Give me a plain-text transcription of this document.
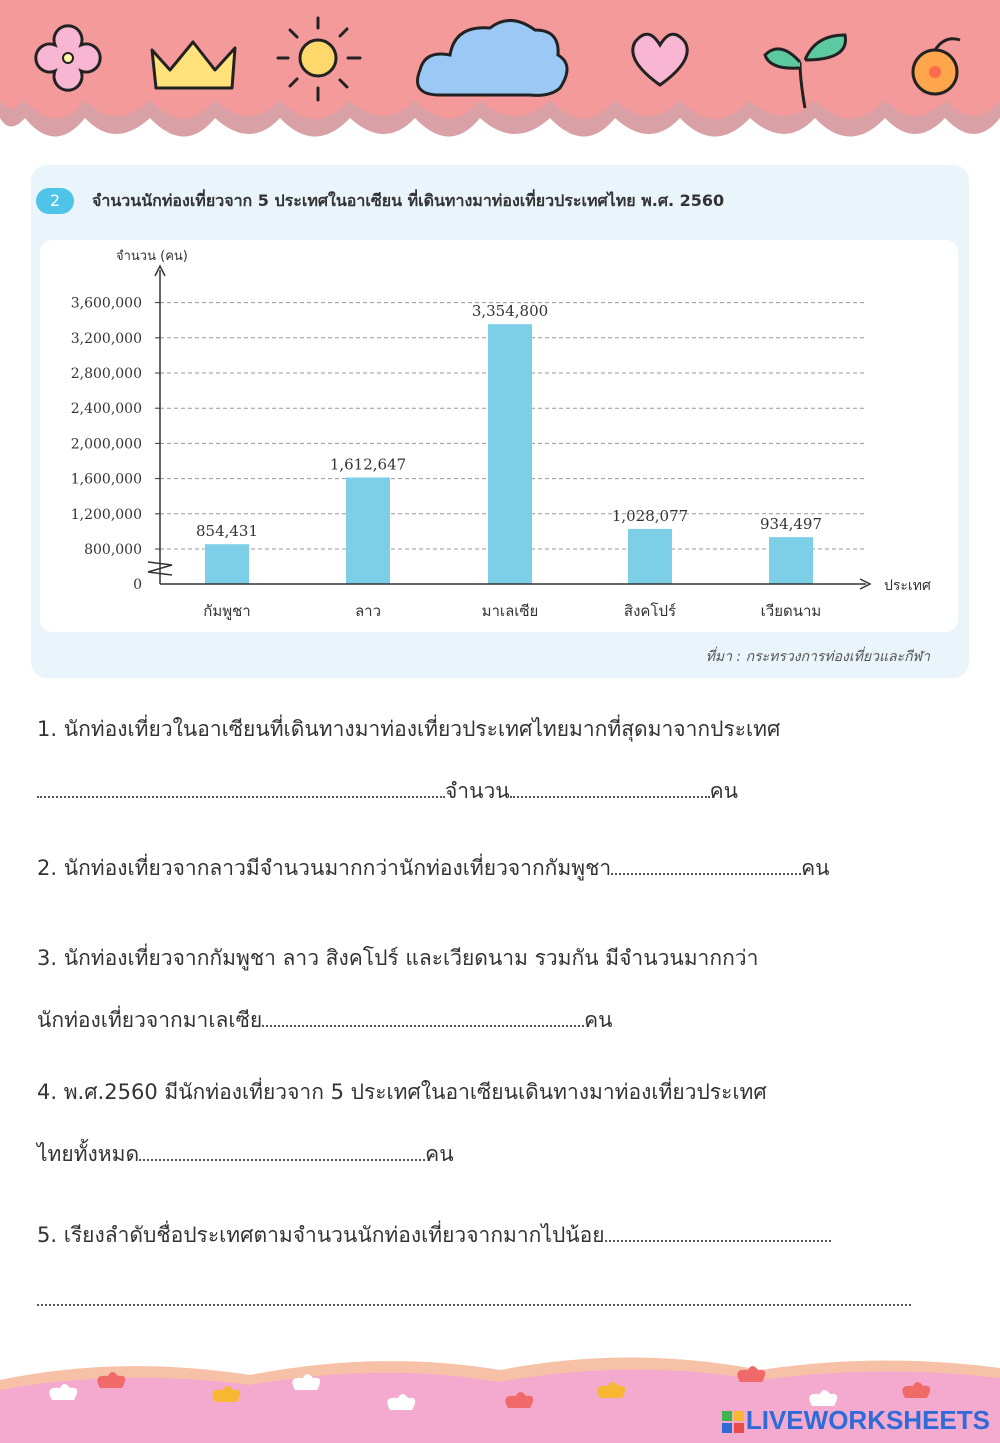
2	จำนวนนักท่องเที่ยวจาก 5 ประเทศในอาเซียน ที่เดินทางมาท่องเที่ยวประเทศไทย พ.ศ. 2560
0
800,000
1,200,000
1,600,000
2,000,000
2,400,000
2,800,000
3,200,000
3,600,000
854,431
กัมพูชา
1,612,647
ลาว
3,354,800
มาเลเซีย
1,028,077
สิงคโปร์
934,497
เวียดนาม
จำนวน (คน)
ประเทศ
ที่มา : กระทรวงการท่องเที่ยวและกีฬา
1. นักท่องเที่ยวในอาเซียนที่เดินทางมาท่องเที่ยวประเทศไทยมากที่สุดมาจากประเทศ
จำนวน	คน
2. นักท่องเที่ยวจากลาวมีจำนวนมากกว่านักท่องเที่ยวจากกัมพูชา	คน
3. นักท่องเที่ยวจากกัมพูชา ลาว สิงคโปร์ และเวียดนาม รวมกัน มีจำนวนมากกว่า
นักท่องเที่ยวจากมาเลเซีย	คน
4. พ.ศ.2560 มีนักท่องเที่ยวจาก 5 ประเทศในอาเซียนเดินทางมาท่องเที่ยวประเทศ
ไทยทั้งหมด	คน
5. เรียงลำดับชื่อประเทศตามจำนวนนักท่องเที่ยวจากมากไปน้อย
LIVEWORKSHEETS
